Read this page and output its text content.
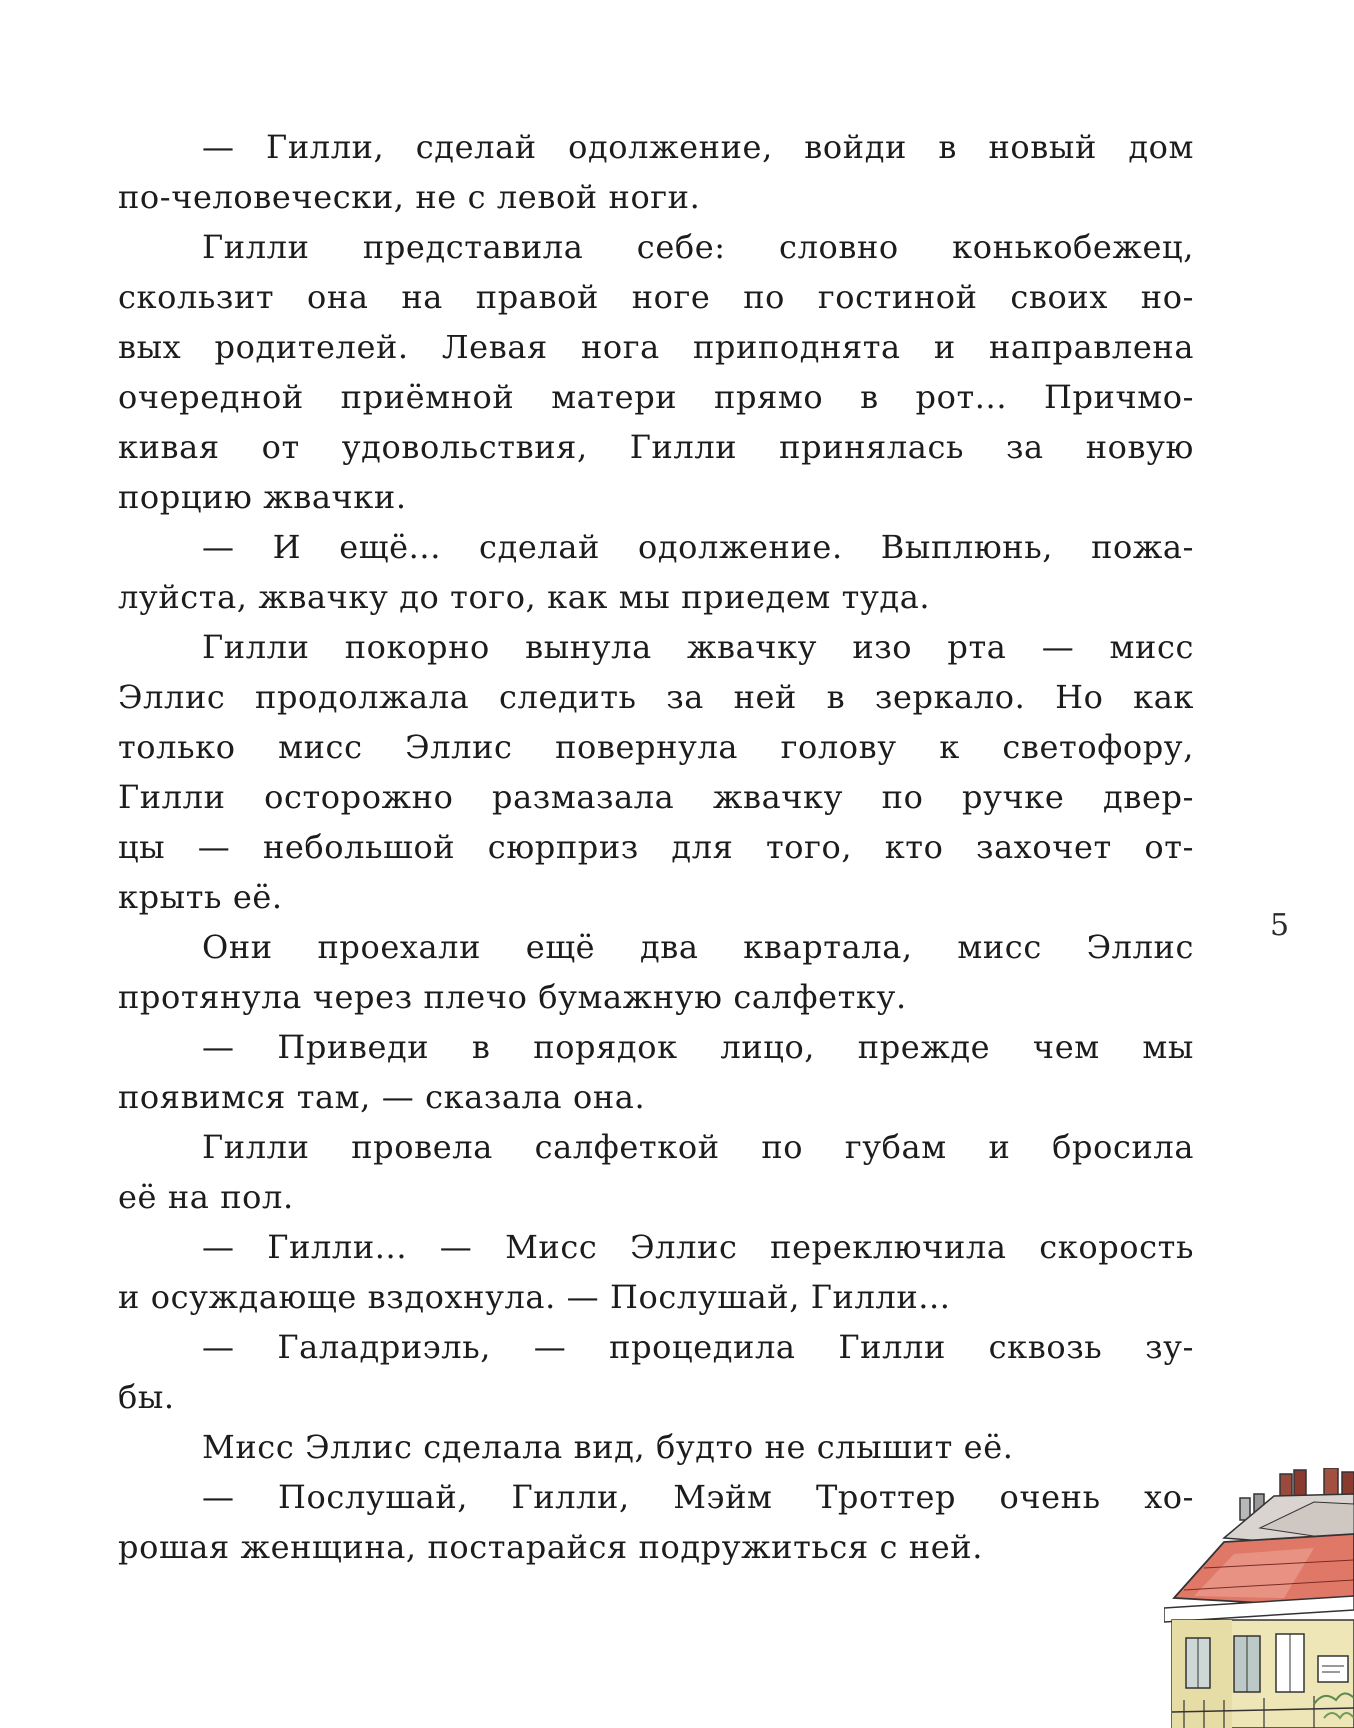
— Гилли, сделай одолжение, войди в новый дом
по-человечески, не с левой ноги.
Гилли представила себе: словно конькобежец,
скользит она на правой ноге по гостиной своих но-
вых родителей. Левая нога приподнята и направлена
очередной приёмной матери прямо в рот... Причмо-
кивая от удовольствия, Гилли принялась за новую
порцию жвачки.
— И ещё... сделай одолжение. Выплюнь, пожа-
луйста, жвачку до того, как мы приедем туда.
Гилли покорно вынула жвачку изо рта — мисс
Эллис продолжала следить за ней в зеркало. Но как
только мисс Эллис повернула голову к светофору,
Гилли осторожно размазала жвачку по ручке двер-
цы — небольшой сюрприз для того, кто захочет от-
крыть её.
Они проехали ещё два квартала, мисс Эллис
протянула через плечо бумажную салфетку.
— Приведи в порядок лицо, прежде чем мы
появимся там, — сказала она.
Гилли провела салфеткой по губам и бросила
её на пол.
— Гилли... — Мисс Эллис переключила скорость
и осуждающе вздохнула. — Послушай, Гилли...
— Галадриэль, — процедила Гилли сквозь зу-
бы.
Мисс Эллис сделала вид, будто не слышит её.
— Послушай, Гилли, Мэйм Троттер очень хо-
рошая женщина, постарайся подружиться с ней.
5
